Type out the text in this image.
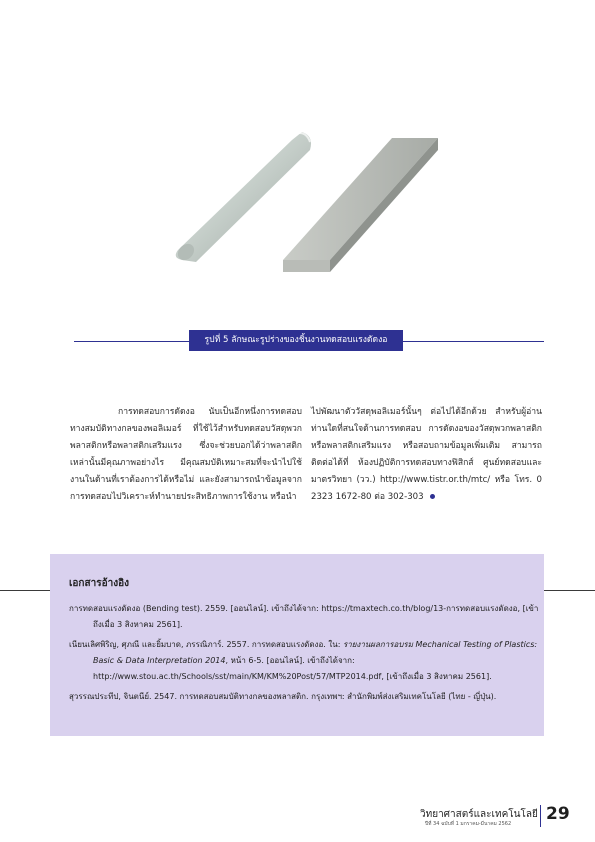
รูปที่ 5 ลักษณะรูปร่างของชิ้นงานทดสอบแรงดัดงอ

การทดสอบการดัดงอ นับเป็นอีกหนึ่งการทดสอบทางสมบัติทางกลของพอลิเมอร์ ที่ใช้ไว้สำหรับทดสอบวัสดุพวกพลาสติกหรือพลาสติกเสริมแรง ซึ่งจะช่วยบอกได้ว่าพลาสติกเหล่านั้นมีคุณภาพอย่างไร มีคุณสมบัติเหมาะสมที่จะนำไปใช้งานในด้านที่เราต้องการได้หรือไม่ และยังสามารถนำข้อมูลจากการทดสอบไปวิเคราะห์ทำนายประสิทธิภาพการใช้งาน หรือนำ

ไปพัฒนาตัววัสดุพอลิเมอร์นั้นๆ ต่อไปได้อีกด้วย สำหรับผู้อ่านท่านใดที่สนใจด้านการทดสอบ การดัดงอของวัสดุพวกพลาสติกหรือพลาสติกเสริมแรง หรือสอบถามข้อมูลเพิ่มเติม สามารถติดต่อได้ที่ ห้องปฏิบัติการทดสอบทางฟิสิกส์ ศูนย์ทดสอบและมาตรวิทยา (วว.) http://www.tistr.or.th/mtc/ หรือ โทร. 0 2323 1672-80 ต่อ 302-303

เอกสารอ้างอิง

การทดสอบแรงดัดงอ (Bending test). 2559. [ออนไลน์]. เข้าถึงได้จาก: https://tmaxtech.co.th/blog/13-การทดสอบแรงดัดงอ, [เข้าถึงเมื่อ 3 สิงหาคม 2561].

เนียนเลิศพิริญ, ศุภณี และยิ้มบาด, ภรรณิภาร์. 2557. การทดสอบแรงดัดงอ. ใน: รายงานผลการอบรม Mechanical Testing of Plastics: Basic & Data Interpretation 2014, หน้า 6-5. [ออนไลน์]. เข้าถึงได้จาก: http://www.stou.ac.th/Schools/sst/main/KM/KM%20Post/57/MTP2014.pdf, [เข้าถึงเมื่อ 3 สิงหาคม 2561].

สุวรรณประทีป, จินตนีย์. 2547. การทดสอบสมบัติทางกลของพลาสติก. กรุงเทพฯ: สำนักพิมพ์ส่งเสริมเทคโนโลยี (ไทย - ญี่ปุ่น).

วิทยาศาสตร์และเทคโนโลยี
ปีที่ 34 ฉบับที่ 1 มกราคม-มีนาคม 2562 29
